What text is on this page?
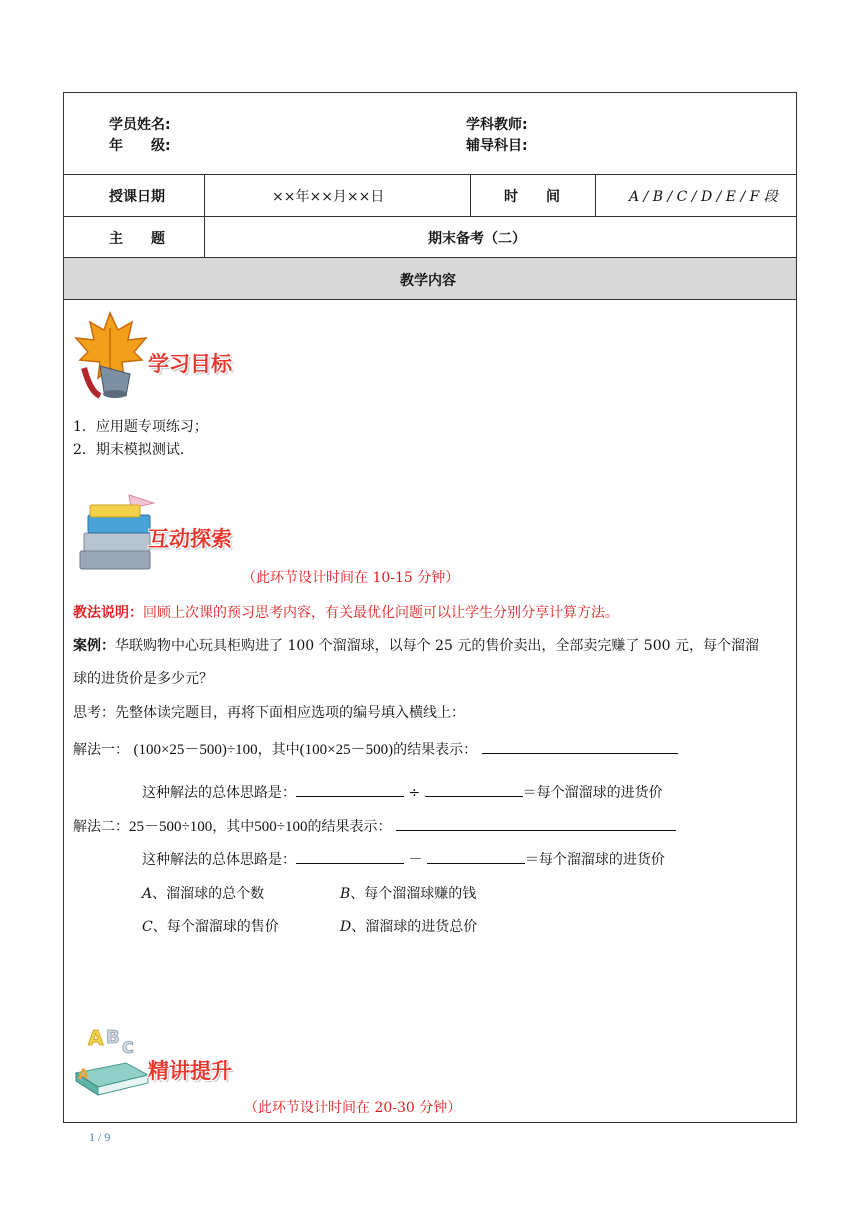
学员姓名:
年　　级:
学科教师:
辅导科目:
授课日期	××年××月××日	时　　间	A / B / C / D / E / F 段
主　　题	期末备考（二）
教学内容
学习目标
1．应用题专项练习；
2．期末模拟测试．
互动探索
（此环节设计时间在 10-15 分钟）
教法说明：回顾上次课的预习思考内容，有关最优化问题可以让学生分别分享计算方法。
案例：华联购物中心玩具柜购进了 100 个溜溜球，以每个 25 元的售价卖出，全部卖完赚了 500 元，每个溜溜
球的进货价是多少元？
思考：先整体读完题目，再将下面相应选项的编号填入横线上：
解法一： (100×25－500)÷100，其中(100×25－500)的结果表示：
这种解法的总体思路是：	÷	＝每个溜溜球的进货价
解法二：25－500÷100，其中500÷100的结果表示：
这种解法的总体思路是：	－	＝每个溜溜球的进货价
A、溜溜球的总个数	B、每个溜溜球赚的钱
C、每个溜溜球的售价	D、溜溜球的进货总价
A B C
A	精讲提升
（此环节设计时间在 20-30 分钟）
1 / 9
